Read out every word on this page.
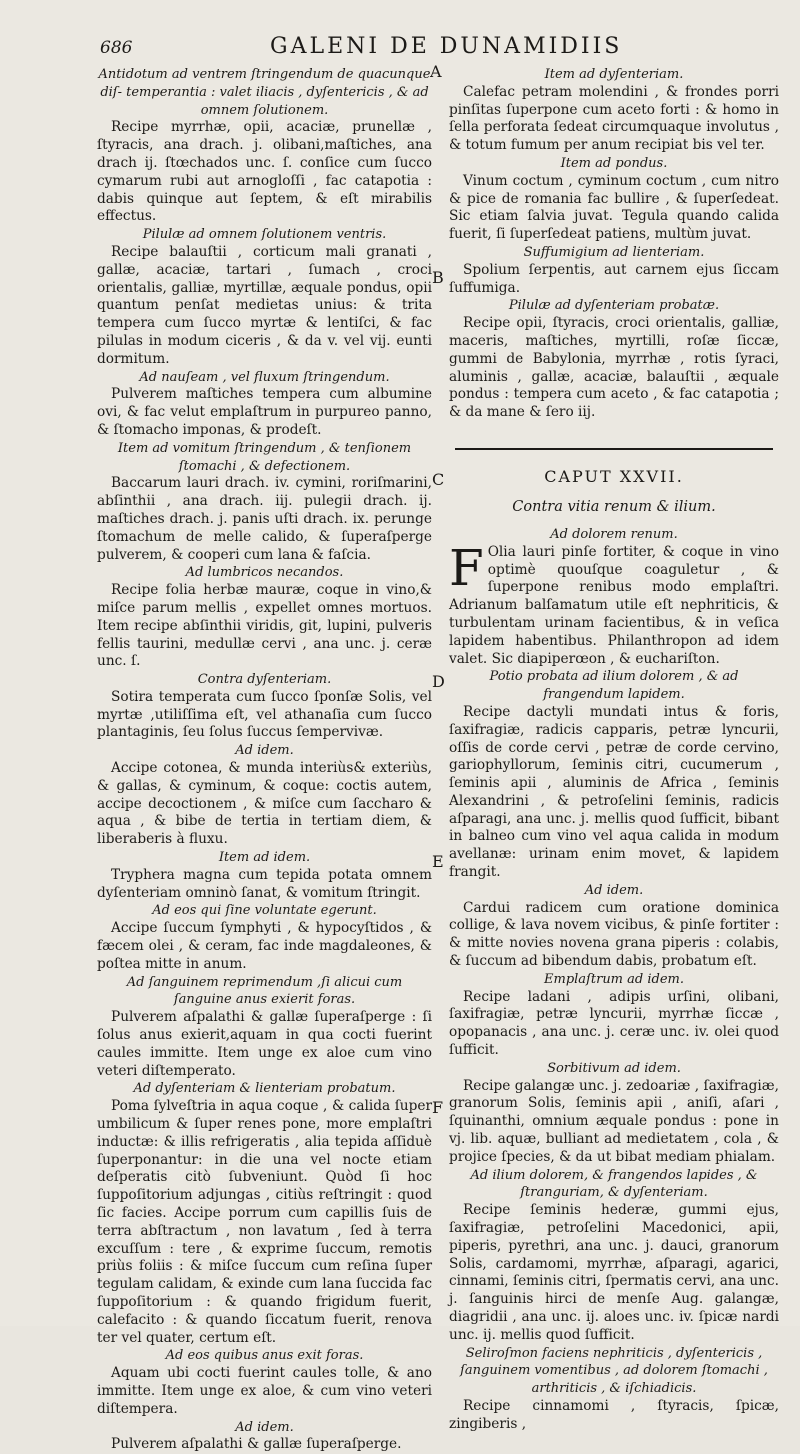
686	GALENI DE DUNAMIDIIS

Antidotum ad ventrem ſtringendum de quacunque diſ- temperantia : valet iliacis , dyſentericis , & ad omnem ſolutionem.

Recipe myrrhæ, opii, acaciæ, prunellæ , ſtyracis, ana drach. j. olibani,maſtiches, ana drach ij. ſtœchados unc. ſ. conſice cum ſucco cymarum rubi aut arnogloſſi , fac catapotia : dabis quinque aut ſeptem, & eſt mirabilis effectus.

Pilulæ ad omnem ſolutionem ventris.

Recipe balauſtii , corticum mali granati , gallæ, acaciæ, tartari , ſumach , croci orientalis, galliæ, myrtillæ, æquale pondus, opii quantum penſat medietas unius: & trita tempera cum ſucco myrtæ & lentiſci, & fac pilulas in modum ciceris , & da v. vel vij. eunti dormitum.

Ad nauſeam , vel fluxum ſtringendum.

Pulverem maſtiches tempera cum albumine ovi, & fac velut emplaſtrum in purpureo panno, & ſtomacho imponas, & prodeſt.

Item ad vomitum ſtringendum , & tenſionem ſtomachi , & defectionem.

Baccarum lauri drach. iv. cymini, roriſmarini, abſinthii , ana drach. iij. pulegii drach. ij. maſtiches drach. j. panis uſti drach. ix. perunge ſtomachum de melle calido, & ſuperaſperge pulverem, & cooperi cum lana & faſcia.

Ad lumbricos necandos.

Recipe folia herbæ mauræ, coque in vino,& miſce parum mellis , expellet omnes mortuos. Item recipe abſinthii viridis, git, lupini, pulveris fellis taurini, medullæ cervi , ana unc. j. ceræ unc. ſ.

Contra dyſenteriam.

Sotira temperata cum ſucco ſponſæ Solis, vel myrtæ ,utiliſſima eſt, vel athanaſia cum ſucco plantaginis, ſeu ſolus ſuccus ſempervivæ.

Ad idem.

Accipe cotonea, & munda interiùs& exteriùs, & gallas, & cyminum, & coque: coctis autem, accipe decoctionem , & miſce cum ſaccharo & aqua , & bibe de tertia in tertiam diem, & liberaberis à fluxu.

Item ad idem.

Tryphera magna cum tepida potata omnem dyſenteriam omninò ſanat, & vomitum ſtringit.

Ad eos qui ſine voluntate egerunt.

Accipe ſuccum ſymphyti , & hypocyſtidos , & fæcem olei , & ceram, fac inde magdaleones, & poſtea mitte in anum.

Ad ſanguinem reprimendum ,ſi alicui cum ſanguine anus exierit foras.

Pulverem aſpalathi & gallæ ſuperaſperge : ſi ſolus anus exierit,aquam in qua cocti fuerint caules immitte. Item unge ex aloe cum vino veteri diſtemperato.

Ad dyſenteriam & lienteriam probatum.

Poma ſylveſtria in aqua coque , & calida ſuper umbilicum & ſuper renes pone, more emplaſtri inductæ: & illis refrigeratis , alia tepida aſſiduè ſuperponantur: in die una vel nocte etiam deſperatis citò ſubveniunt. Quòd ſi hoc ſuppoſitorium adjungas , citiùs reſtringit : quod ſic facies. Accipe porrum cum capillis ſuis de terra abſtractum , non lavatum , ſed à terra excuſſum : tere , & exprime ſuccum, remotis priùs foliis : & miſce ſuccum cum reſina ſuper tegulam calidam, & exinde cum lana ſuccida fac ſuppoſitorium : & quando frigidum fuerit, calefacito : & quando ſiccatum fuerit, renova ter vel quater, certum eſt.

Ad eos quibus anus exit foras.

Aquam ubi cocti fuerint caules tolle, & ano immitte. Item unge ex aloe, & cum vino veteri diſtempera.

Ad idem.

Pulverem aſpalathi & gallæ ſuperaſperge.

Item ad dyſenteriam.

Calefac petram molendini , & frondes porri pinſitas ſuperpone cum aceto forti : & homo in ſella perforata ſedeat circumquaque involutus , & totum fumum per anum recipiat bis vel ter.

Item ad pondus.

Vinum coctum , cyminum coctum , cum nitro & pice de romania fac bullire , & ſuperſedeat. Sic etiam ſalvia juvat. Tegula quando calida fuerit, ſi ſuperſedeat patiens, multùm juvat.

Suffumigium ad lienteriam.

Spolium ſerpentis, aut carnem ejus ſiccam ſuffumiga.

Pilulæ ad dyſenteriam probatæ.

Recipe opii, ſtyracis, croci orientalis, galliæ, maceris, maſtiches, myrtilli, roſæ ſiccæ, gummi de Babylonia, myrrhæ , rotis ſyraci, aluminis , gallæ, acaciæ, balauſtii , æquale pondus : tempera cum aceto , & fac catapotia ; & da mane & ſero iij.

CAPUT XXVII.
Contra vitia renum & ilium.

Ad dolorem renum.

F Olia lauri pinſe fortiter, & coque in vino optimè quouſque coaguletur , & ſuperpone renibus modo emplaſtri. Adrianum balſamatum utile eſt nephriticis, & turbulentam urinam facientibus, & in veſica lapidem habentibus. Philanthropon ad idem valet. Sic diapiperœon , & euchariſton.

Potio probata ad ilium dolorem , & ad frangendum lapidem.

Recipe dactyli mundati intus & foris, ſaxifragiæ, radicis capparis, petræ lyncurii, oſſis de corde cervi , petræ de corde cervino, gariophyllorum, ſeminis citri, cucumerum , ſeminis apii , aluminis de Africa , ſeminis Alexandrini , & petroſelini ſeminis, radicis aſparagi, ana unc. j. mellis quod ſufficit, bibant in balneo cum vino vel aqua calida in modum avellanæ: urinam enim movet, & lapidem frangit.

Ad idem.

Cardui radicem cum oratione dominica collige, & lava novem vicibus, & pinſe fortiter : & mitte novies novena grana piperis : colabis, & ſuccum ad bibendum dabis, probatum eſt.

Emplaſtrum ad idem.

Recipe ladani , adipis urſini, olibani, ſaxifragiæ, petræ lyncurii, myrrhæ ſiccæ , opopanacis , ana unc. j. ceræ unc. iv. olei quod ſufficit.

Sorbitivum ad idem.

Recipe galangæ unc. j. zedoariæ , ſaxifragiæ, granorum Solis, ſeminis apii , aniſi, aſari , ſquinanthi, omnium æquale pondus : pone in vj. lib. aquæ, bulliant ad medietatem , cola , & projice ſpecies, & da ut bibat mediam phialam.

Ad ilium dolorem, & frangendos lapides , & ſtranguriam, & dyſenteriam.

Recipe ſeminis hederæ, gummi ejus, ſaxifragiæ, petroſelini Macedonici, apii, piperis, pyrethri, ana unc. j. dauci, granorum Solis, cardamomi, myrrhæ, aſparagi, agarici, cinnami, ſeminis citri, ſpermatis cervi, ana unc. j. ſanguinis hirci de menſe Aug. galangæ, diagridii , ana unc. ij. aloes unc. iv. ſpicæ nardi unc. ij. mellis quod ſufficit.

Seliroſmon faciens nephriticis , dyſentericis , ſanguinem vomentibus , ad dolorem ſtomachi , arthriticis , & iſchiadicis.

Recipe cinnamomi , ſtyracis, ſpicæ, zingiberis ,

A
B
C
D
E
F
